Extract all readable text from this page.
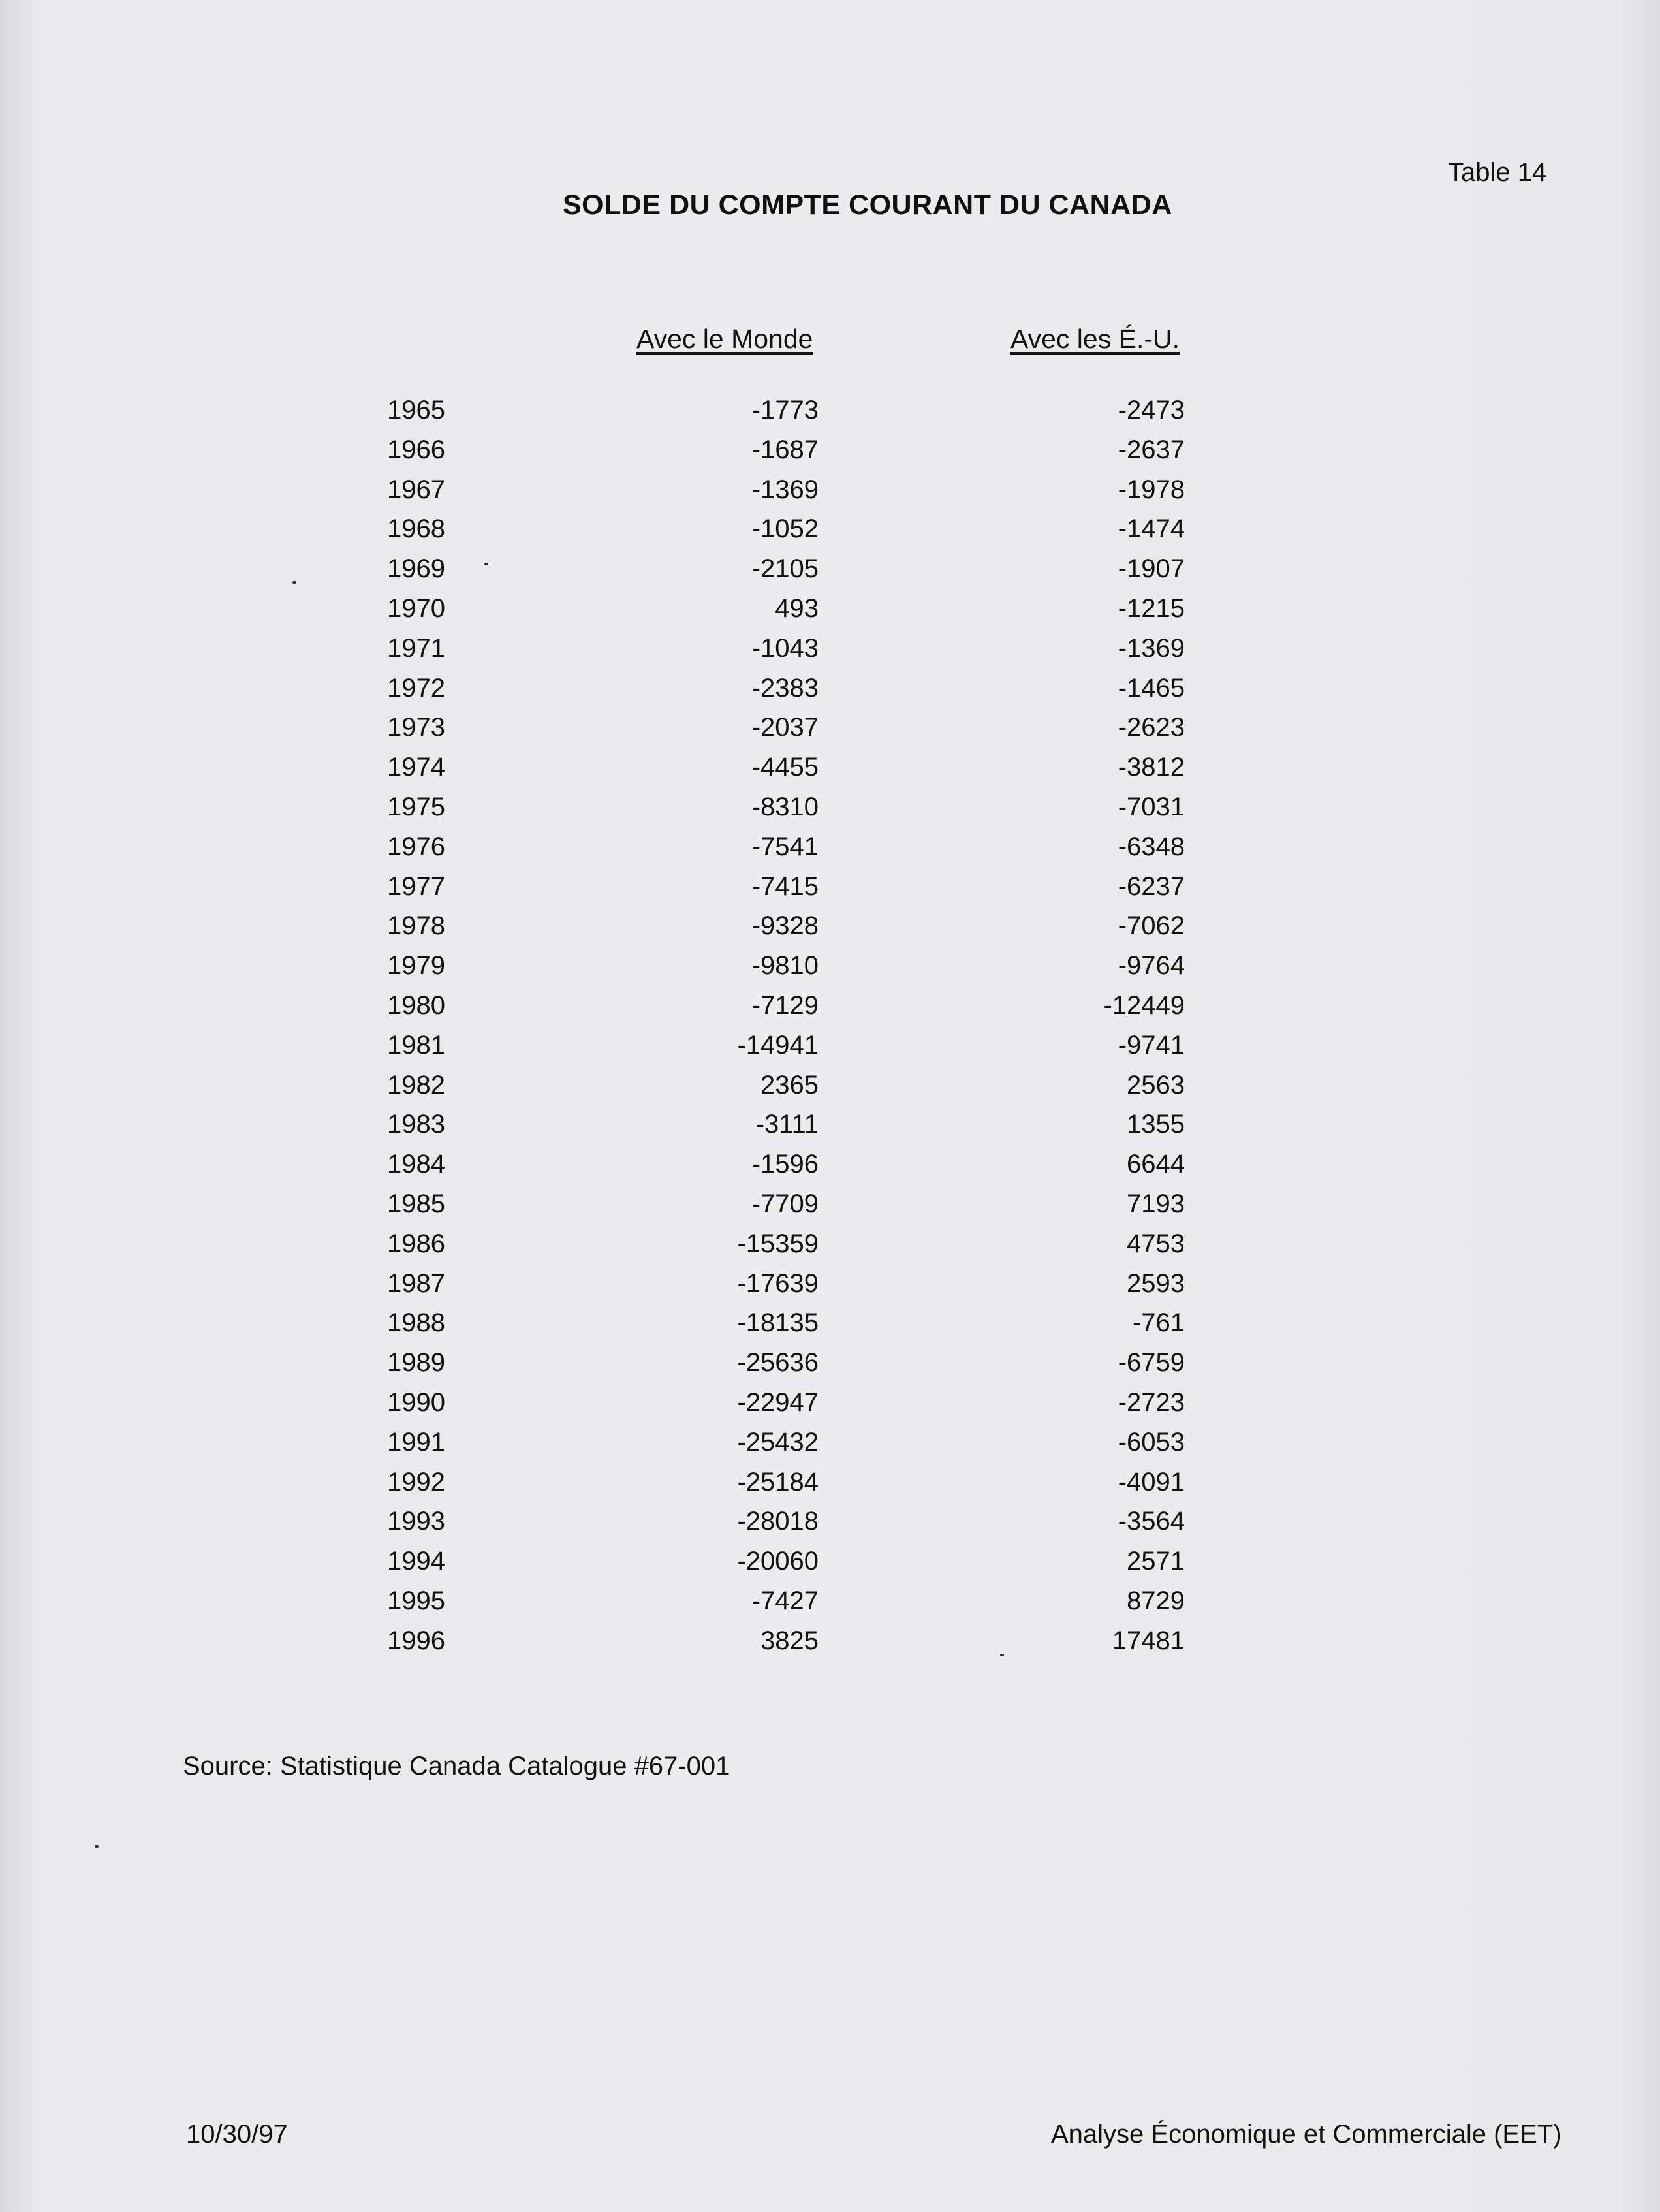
Table 14
SOLDE DU COMPTE COURANT DU CANADA
Avec le Monde	Avec les É.-U.
1965	-1773	-2473
1966	-1687	-2637
1967	-1369	-1978
1968	-1052	-1474
1969	-2105	-1907
1970	493	-1215
1971	-1043	-1369
1972	-2383	-1465
1973	-2037	-2623
1974	-4455	-3812
1975	-8310	-7031
1976	-7541	-6348
1977	-7415	-6237
1978	-9328	-7062
1979	-9810	-9764
1980	-7129	-12449
1981	-14941	-9741
1982	2365	2563
1983	-3111	1355
1984	-1596	6644
1985	-7709	7193
1986	-15359	4753
1987	-17639	2593
1988	-18135	-761
1989	-25636	-6759
1990	-22947	-2723
1991	-25432	-6053
1992	-25184	-4091
1993	-28018	-3564
1994	-20060	2571
1995	-7427	8729
1996	3825	17481
Source: Statistique Canada Catalogue #67-001
10/30/97	Analyse Économique et Commerciale (EET)
